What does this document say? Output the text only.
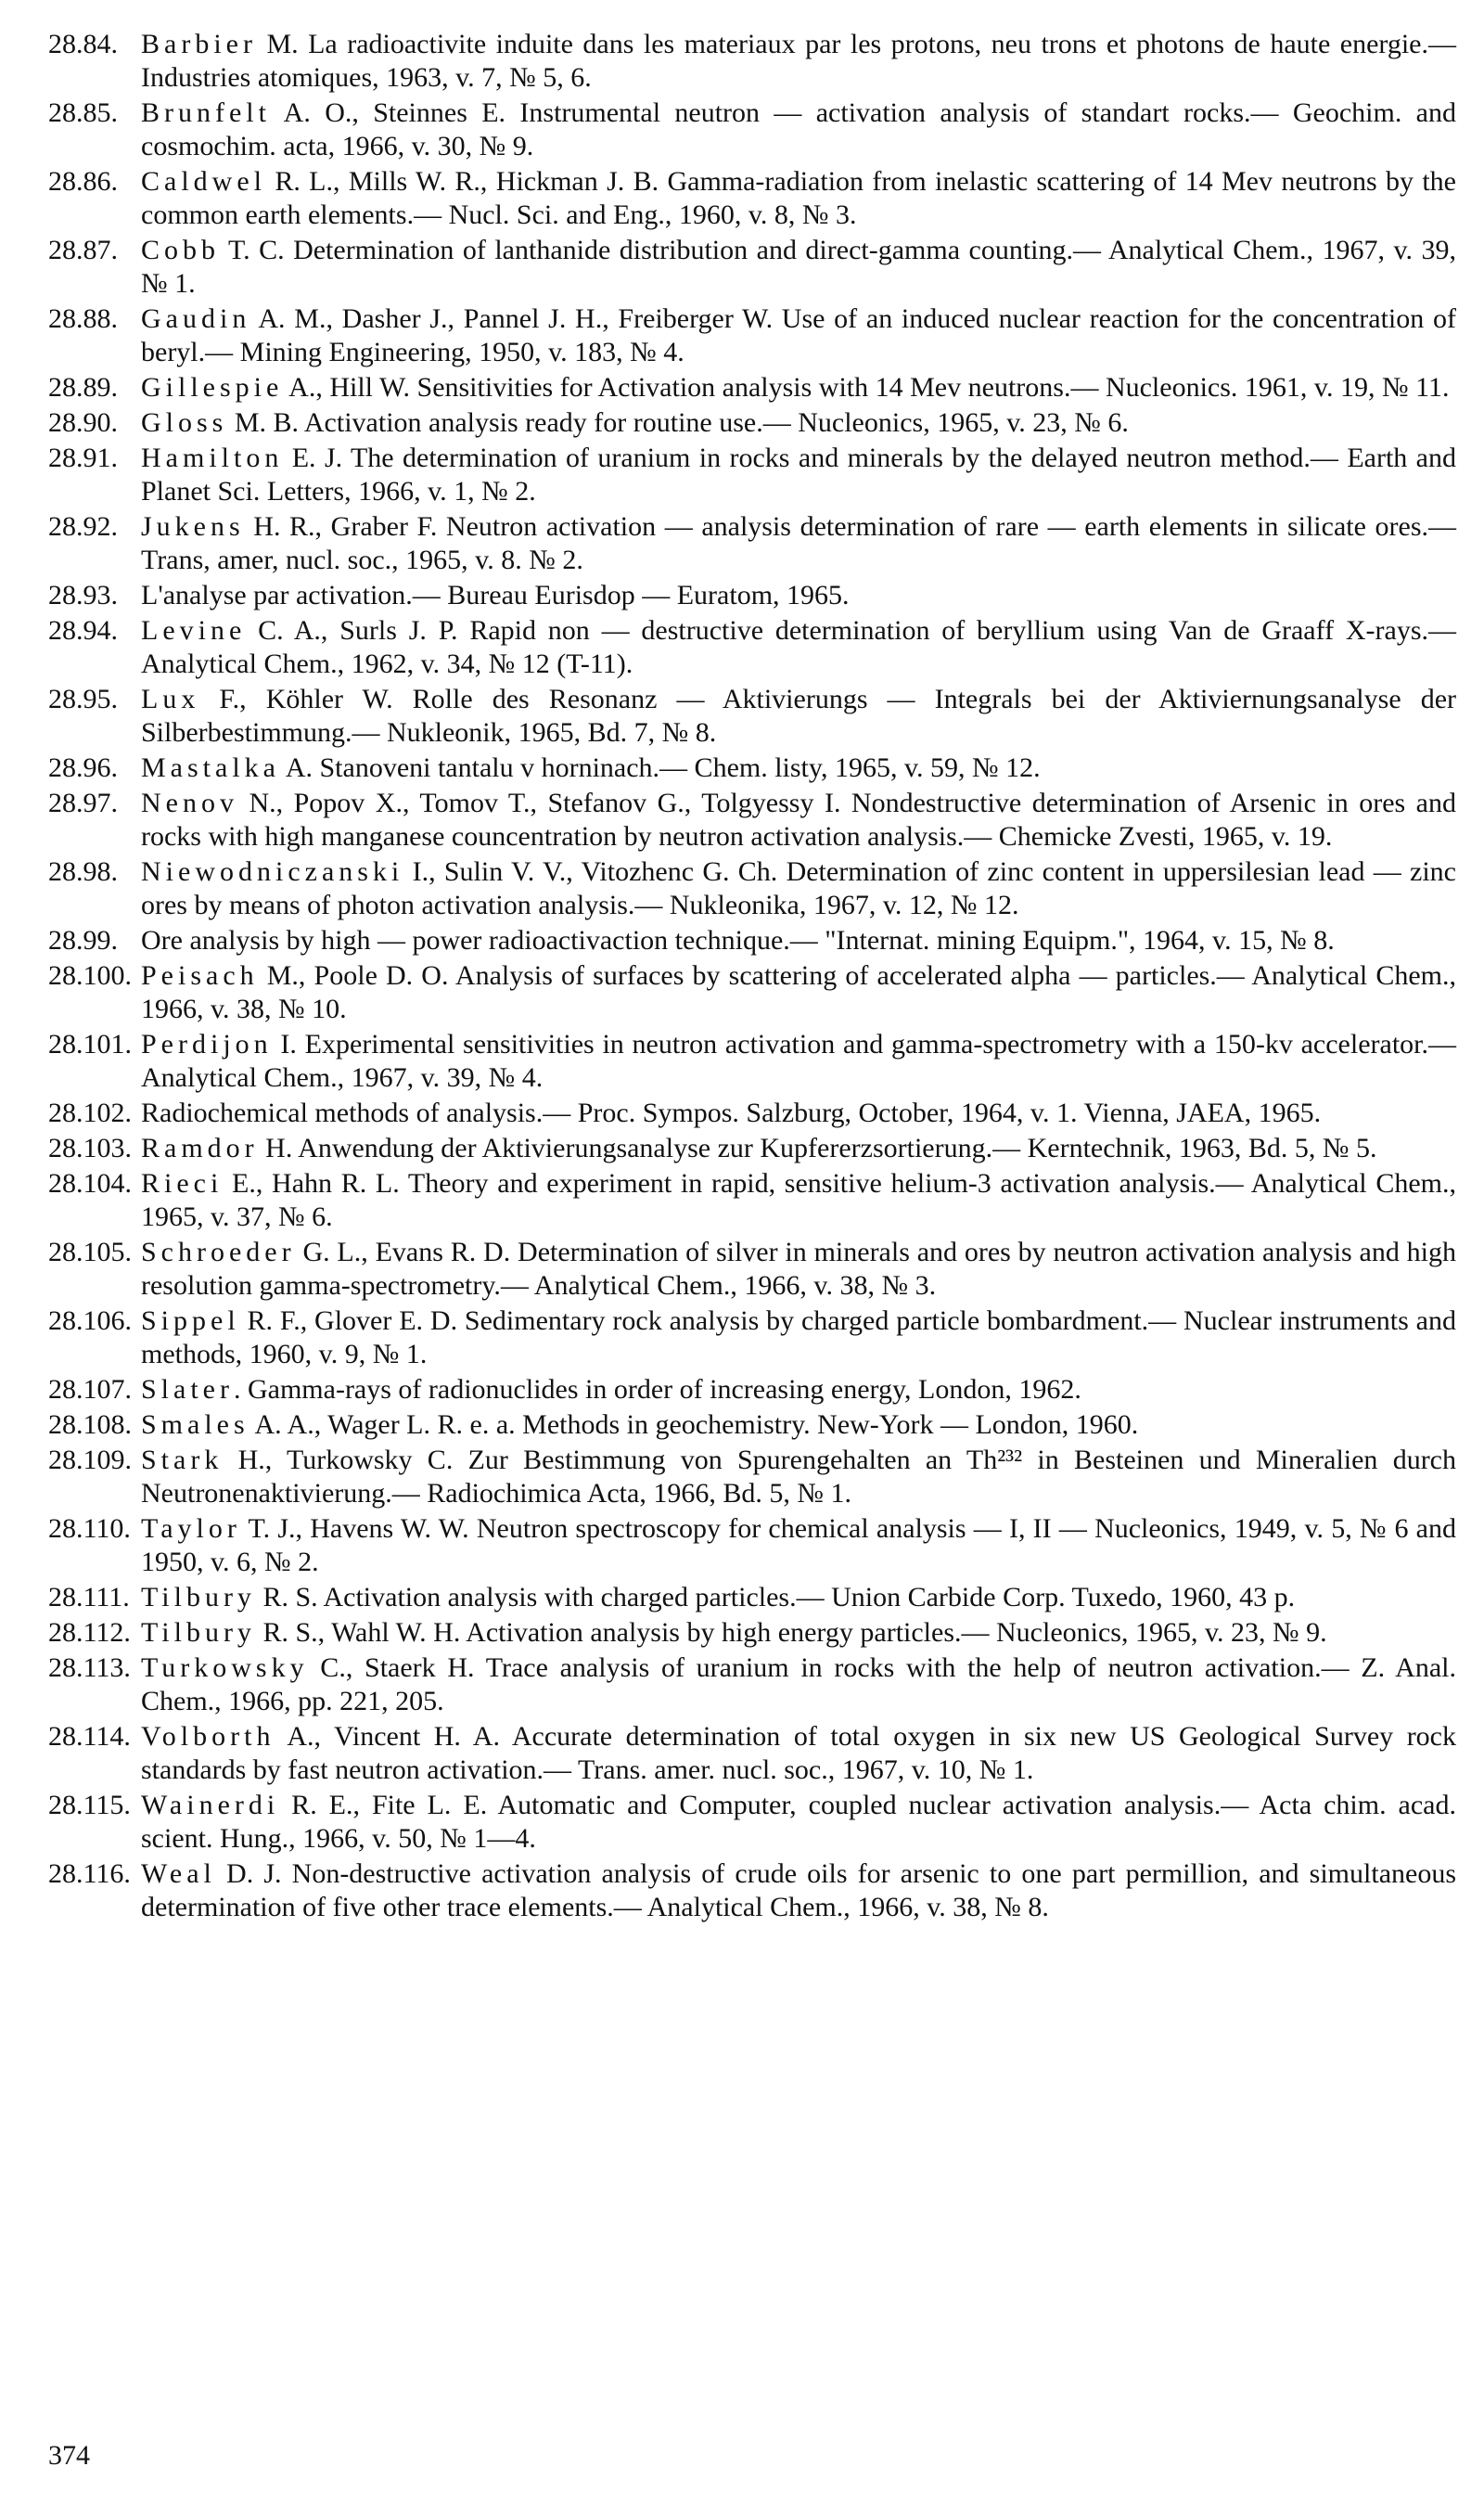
28.84. Barbier M. La radioactivite induite dans les materiaux par les protons, neu trons et photons de haute energie.— Industries atomiques, 1963, v. 7, № 5, 6.
28.85. Brunfelt A. O., Steinnes E. Instrumental neutron — activation analysis of standart rocks.— Geochim. and cosmochim. acta, 1966, v. 30, № 9.
28.86. Caldwel R. L., Mills W. R., Hickman J. B. Gamma-radiation from inelastic scattering of 14 Mev neutrons by the common earth elements.— Nucl. Sci. and Eng., 1960, v. 8, № 3.
28.87. Cobb T. C. Determination of lanthanide distribution and direct-gamma counting.— Analytical Chem., 1967, v. 39, № 1.
28.88. Gaudin A. M., Dasher J., Pannel J. H., Freiberger W. Use of an induced nuclear reaction for the concentration of beryl.— Mining Engineering, 1950, v. 183, № 4.
28.89. Gillespie A., Hill W. Sensitivities for Activation analysis with 14 Mev neutrons.— Nucleonics. 1961, v. 19, № 11.
28.90. Gloss M. B. Activation analysis ready for routine use.— Nucleonics, 1965, v. 23, № 6.
28.91. Hamilton E. J. The determination of uranium in rocks and minerals by the delayed neutron method.— Earth and Planet Sci. Letters, 1966, v. 1, № 2.
28.92. Jukens H. R., Graber F. Neutron activation — analysis determination of rare — earth elements in silicate ores.— Trans, amer, nucl. soc., 1965, v. 8. № 2.
28.93. L'analyse par activation.— Bureau Eurisdop — Euratom, 1965.
28.94. Levine C. A., Surls J. P. Rapid non — destructive determination of beryllium using Van de Graaff X-rays.— Analytical Chem., 1962, v. 34, № 12 (T-11).
28.95. Lux F., Köhler W. Rolle des Resonanz — Aktivierungs — Integrals bei der Aktiviernungsanalyse der Silberbestimmung.— Nukleonik, 1965, Bd. 7, № 8.
28.96. Mastalka A. Stanoveni tantalu v horninach.— Chem. listy, 1965, v. 59, № 12.
28.97. Nenov N., Popov X., Tomov T., Stefanov G., Tolgyessy I. Nondestructive determination of Arsenic in ores and rocks with high manganese councentration by neutron activation analysis.— Chemicke Zvesti, 1965, v. 19.
28.98. Niewodniczanski I., Sulin V. V., Vitozhenc G. Ch. Determination of zinc content in uppersilesian lead — zinc ores by means of photon activation analysis.— Nukleonika, 1967, v. 12, № 12.
28.99. Ore analysis by high — power radioactivaction technique.— "Internat. mining Equipm.", 1964, v. 15, № 8.
28.100. Peisach M., Poole D. O. Analysis of surfaces by scattering of accelerated alpha — particles.— Analytical Chem., 1966, v. 38, № 10.
28.101. Perdijon I. Experimental sensitivities in neutron activation and gamma-spectrometry with a 150-kv accelerator.— Analytical Chem., 1967, v. 39, № 4.
28.102. Radiochemical methods of analysis.— Proc. Sympos. Salzburg, October, 1964, v. 1. Vienna, JAEA, 1965.
28.103. Ramdor H. Anwendung der Aktivierungsanalyse zur Kupfererzsortierung.— Kerntechnik, 1963, Bd. 5, № 5.
28.104. Rieci E., Hahn R. L. Theory and experiment in rapid, sensitive helium-3 activation analysis.— Analytical Chem., 1965, v. 37, № 6.
28.105. Schroeder G. L., Evans R. D. Determination of silver in minerals and ores by neutron activation analysis and high resolution gamma-spectrometry.— Analytical Chem., 1966, v. 38, № 3.
28.106. Sippel R. F., Glover E. D. Sedimentary rock analysis by charged particle bombardment.— Nuclear instruments and methods, 1960, v. 9, № 1.
28.107. Slater. Gamma-rays of radionuclides in order of increasing energy, London, 1962.
28.108. Smales A. A., Wager L. R. e. a. Methods in geochemistry. New-York — London, 1960.
28.109. Stark H., Turkowsky C. Zur Bestimmung von Spurengehalten an Th²³² in Besteinen und Mineralien durch Neutronenaktivierung.— Radiochimica Acta, 1966, Bd. 5, № 1.
28.110. Taylor T. J., Havens W. W. Neutron spectroscopy for chemical analysis — I, II — Nucleonics, 1949, v. 5, № 6 and 1950, v. 6, № 2.
28.111. Tilbury R. S. Activation analysis with charged particles.— Union Carbide Corp. Tuxedo, 1960, 43 p.
28.112. Tilbury R. S., Wahl W. H. Activation analysis by high energy particles.— Nucleonics, 1965, v. 23, № 9.
28.113. Turkowsky C., Staerk H. Trace analysis of uranium in rocks with the help of neutron activation.— Z. Anal. Chem., 1966, pp. 221, 205.
28.114. Volborth A., Vincent H. A. Accurate determination of total oxygen in six new US Geological Survey rock standards by fast neutron activation.— Trans. amer. nucl. soc., 1967, v. 10, № 1.
28.115. Wainerdi R. E., Fite L. E. Automatic and Computer, coupled nuclear activation analysis.— Acta chim. acad. scient. Hung., 1966, v. 50, № 1—4.
28.116. Weal D. J. Non-destructive activation analysis of crude oils for arsenic to one part permillion, and simultaneous determination of five other trace elements.— Analytical Chem., 1966, v. 38, № 8.
374
